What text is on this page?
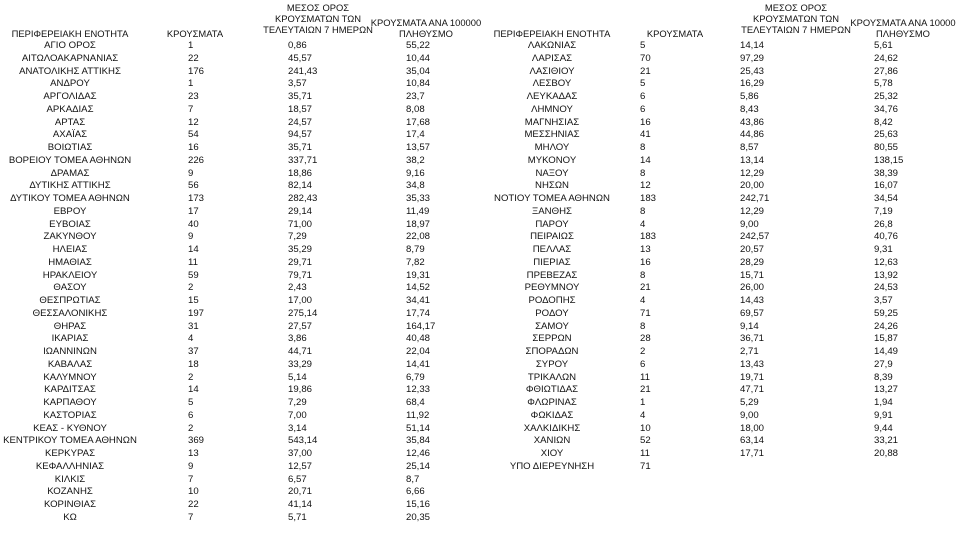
ΠΕΡΙΦΕΡΕΙΑΚΗ ΕΝΟΤΗΤΑ	ΚΡΟΥΣΜΑΤΑ
ΜΕΣΟΣ ΟΡΟΣ
ΚΡΟΥΣΜΑΤΩΝ ΤΩΝ
ΤΕΛΕΥΤΑΙΩΝ 7 ΗΜΕΡΩΝ
ΚΡΟΥΣΜΑΤΑ ΑΝΑ 100000
ΠΛΗΘΥΣΜΟ
ΑΓΙΟ ΟΡΟΣ	1	0,86	55,22
ΑΙΤΩΛΟΑΚΑΡΝΑΝΙΑΣ	22	45,57	10,44
ΑΝΑΤΟΛΙΚΗΣ ΑΤΤΙΚΗΣ	176	241,43	35,04
ΑΝΔΡΟΥ	1	3,57	10,84
ΑΡΓΟΛΙΔΑΣ	23	35,71	23,7
ΑΡΚΑΔΙΑΣ	7	18,57	8,08
ΑΡΤΑΣ	12	24,57	17,68
ΑΧΑΪΑΣ	54	94,57	17,4
ΒΟΙΩΤΙΑΣ	16	35,71	13,57
ΒΟΡΕΙΟΥ ΤΟΜΕΑ ΑΘΗΝΩΝ	226	337,71	38,2
ΔΡΑΜΑΣ	9	18,86	9,16
ΔΥΤΙΚΗΣ ΑΤΤΙΚΗΣ	56	82,14	34,8
ΔΥΤΙΚΟΥ ΤΟΜΕΑ ΑΘΗΝΩΝ	173	282,43	35,33
ΕΒΡΟΥ	17	29,14	11,49
ΕΥΒΟΙΑΣ	40	71,00	18,97
ΖΑΚΥΝΘΟΥ	9	7,29	22,08
ΗΛΕΙΑΣ	14	35,29	8,79
ΗΜΑΘΙΑΣ	11	29,71	7,82
ΗΡΑΚΛΕΙΟΥ	59	79,71	19,31
ΘΑΣΟΥ	2	2,43	14,52
ΘΕΣΠΡΩΤΙΑΣ	15	17,00	34,41
ΘΕΣΣΑΛΟΝΙΚΗΣ	197	275,14	17,74
ΘΗΡΑΣ	31	27,57	164,17
ΙΚΑΡΙΑΣ	4	3,86	40,48
ΙΩΑΝΝΙΝΩΝ	37	44,71	22,04
ΚΑΒΑΛΑΣ	18	33,29	14,41
ΚΑΛΥΜΝΟΥ	2	5,14	6,79
ΚΑΡΔΙΤΣΑΣ	14	19,86	12,33
ΚΑΡΠΑΘΟΥ	5	7,29	68,4
ΚΑΣΤΟΡΙΑΣ	6	7,00	11,92
ΚΕΑΣ - ΚΥΘΝΟΥ	2	3,14	51,14
ΚΕΝΤΡΙΚΟΥ ΤΟΜΕΑ ΑΘΗΝΩΝ	369	543,14	35,84
ΚΕΡΚΥΡΑΣ	13	37,00	12,46
ΚΕΦΑΛΛΗΝΙΑΣ	9	12,57	25,14
ΚΙΛΚΙΣ	7	6,57	8,7
ΚΟΖΑΝΗΣ	10	20,71	6,66
ΚΟΡΙΝΘΙΑΣ	22	41,14	15,16
ΚΩ	7	5,71	20,35
ΠΕΡΙΦΕΡΕΙΑΚΗ ΕΝΟΤΗΤΑ	ΚΡΟΥΣΜΑΤΑ
ΜΕΣΟΣ ΟΡΟΣ
ΚΡΟΥΣΜΑΤΩΝ ΤΩΝ
ΤΕΛΕΥΤΑΙΩΝ 7 ΗΜΕΡΩΝ
ΚΡΟΥΣΜΑΤΑ ΑΝΑ 10000
ΠΛΗΘΥΣΜΟ
ΛΑΚΩΝΙΑΣ	5	14,14	5,61
ΛΑΡΙΣΑΣ	70	97,29	24,62
ΛΑΣΙΘΙΟΥ	21	25,43	27,86
ΛΕΣΒΟΥ	5	16,29	5,78
ΛΕΥΚΑΔΑΣ	6	5,86	25,32
ΛΗΜΝΟΥ	6	8,43	34,76
ΜΑΓΝΗΣΙΑΣ	16	43,86	8,42
ΜΕΣΣΗΝΙΑΣ	41	44,86	25,63
ΜΗΛΟΥ	8	8,57	80,55
ΜΥΚΟΝΟΥ	14	13,14	138,15
ΝΑΞΟΥ	8	12,29	38,39
ΝΗΣΩΝ	12	20,00	16,07
ΝΟΤΙΟΥ ΤΟΜΕΑ ΑΘΗΝΩΝ	183	242,71	34,54
ΞΑΝΘΗΣ	8	12,29	7,19
ΠΑΡΟΥ	4	9,00	26,8
ΠΕΙΡΑΙΩΣ	183	242,57	40,76
ΠΕΛΛΑΣ	13	20,57	9,31
ΠΙΕΡΙΑΣ	16	28,29	12,63
ΠΡΕΒΕΖΑΣ	8	15,71	13,92
ΡΕΘΥΜΝΟΥ	21	26,00	24,53
ΡΟΔΟΠΗΣ	4	14,43	3,57
ΡΟΔΟΥ	71	69,57	59,25
ΣΑΜΟΥ	8	9,14	24,26
ΣΕΡΡΩΝ	28	36,71	15,87
ΣΠΟΡΑΔΩΝ	2	2,71	14,49
ΣΥΡΟΥ	6	13,43	27,9
ΤΡΙΚΑΛΩΝ	11	19,71	8,39
ΦΘΙΩΤΙΔΑΣ	21	47,71	13,27
ΦΛΩΡΙΝΑΣ	1	5,29	1,94
ΦΩΚΙΔΑΣ	4	9,00	9,91
ΧΑΛΚΙΔΙΚΗΣ	10	18,00	9,44
ΧΑΝΙΩΝ	52	63,14	33,21
ΧΙΟΥ	11	17,71	20,88
ΥΠΟ ΔΙΕΡΕΥΝΗΣΗ	71
